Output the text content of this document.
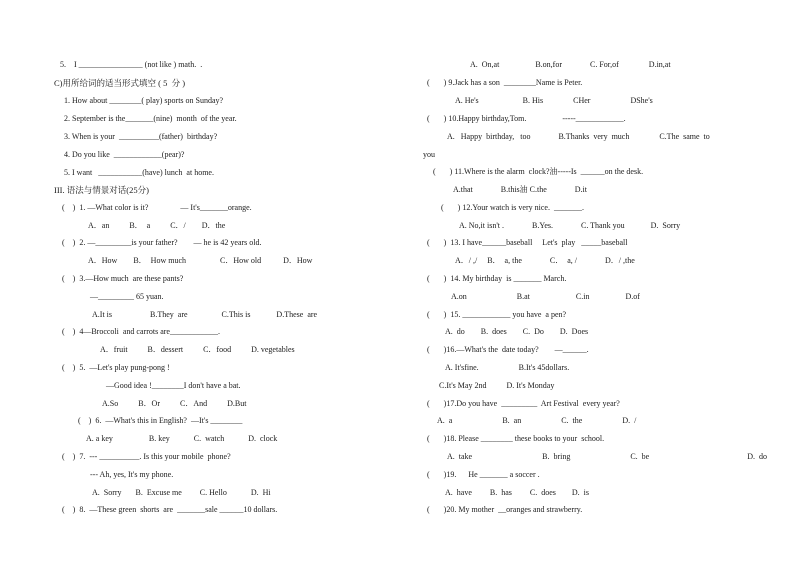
5.    I ________________ (not like ) math.  .
C)用所给词的适当形式填空 ( 5  分 )
1. How about ________( play) sports on Sunday?
2. September is the_______(nine)  month  of the year.
3. When is your  __________(father)  birthday?
4. Do you like  ____________(pear)?
5. I want   ___________(have) lunch  at home.
III. 语法与情景对话(25分)
(    )  1. —What color is it?                — It's_______orange.
A．an          B．  a          C．/        D．the
(    )  2. —_________is your father?        — he is 42 years old.
A．How        B．  How much                 C．How old           D．How
(    )  3.—How much  are these pants?
—_________ 65 yuan.
A.It is                   B.They  are                 C.This is             D.These  are
(    )  4—Broccoli  and carrots are____________.
A．fruit          B．dessert          C．food          D. vegetables
(    )  5.  —Let's play pung-pong !
—Good idea !________I don't have a bat.
A.So          B．Or          C．And          D.But
(    )  6.  —What's this in English?  —It's ________
A. a key                  B. key            C.  watch            D.  clock
(    )  7.  --- __________. Is this your mobile  phone?
--- Ah, yes, It's my phone.
A.  Sorry       B.  Excuse me         C. Hello            D.  Hi
(    )  8.  —These green  shorts  are  _______sale ______10 dollars.
A.  On,at                  B.on,for              C. For,of               D.in,at
(       ) 9.Jack has a son  ________Name is Peter.
A. He's                      B. His               CHer                    DShe's
(       ) 10.Happy birthday,Tom.                  -----____________.
A.   Happy  birthday,   too              B.Thanks  very  much               C.The  same  to
you
(       ) 11.Where is the alarm  clock?油-----Is  ______on the desk.
A.that              B.this油 C.the              D.it
(       ) 12.Your watch is very nice.  _______.
A. No,it isn't .              B.Yes.              C. Thank you             D.  Sorry
(       )  13. I have______baseball     Let's  play   _____baseball
A．/ ,/     B．  a, the              C．  a, /              D．/ ,the
(       )  14. My birthday  is _______ March.
A.on                         B.at                       C.in                  D.of
(       )  15. ____________ you have  a pen?
A.  do        B.  does        C.  Do        D.  Does
(       )16.—What's the  date today?        —______.
A. It'sfine.                    B.It's 45dollars.
C.It's May 2nd          D. It's Monday
(       )17.Do you have  _________  Art Festival  every year?
A.  a                         B.  an                    C.  the                    D.  /
(       )18. Please ________ these books to your  school.
A.  take                                   B.  bring                              C.  be                                                 D.  do
(       )19.      He _______ a soccer .
A.  have         B.  has         C.  does        D.  is
(       )20. My mother  __oranges and strawberry.
